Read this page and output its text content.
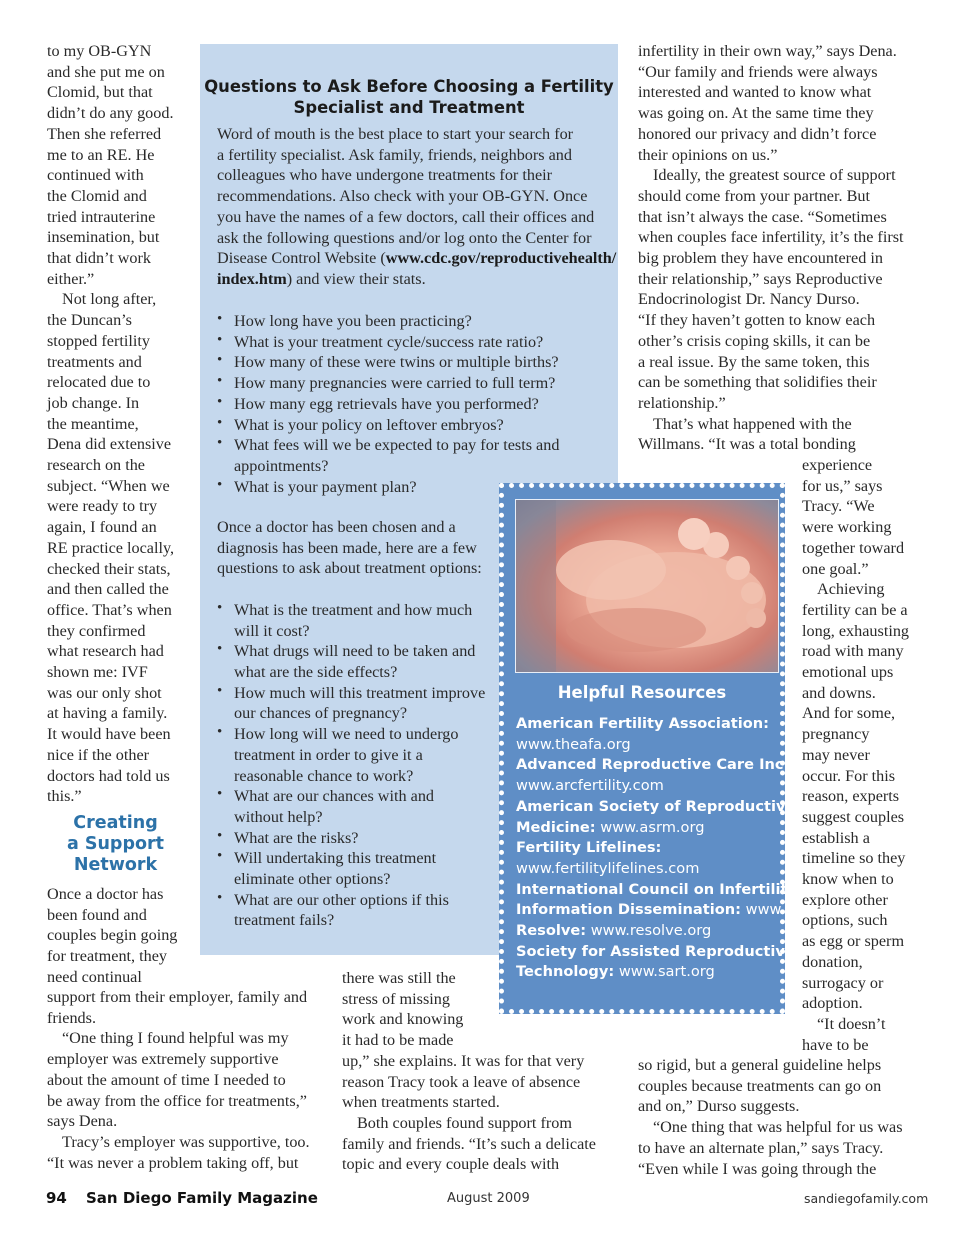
to my OB-GYN
and she put me on
Clomid, but that
didn’t do any good.
Then she referred
me to an RE. He
continued with
the Clomid and
tried intrauterine
insemination, but
that didn’t work
either.”
Not long after,
the Duncan’s
stopped fertility
treatments and
relocated due to
job change. In
the meantime,
Dena did extensive
research on the
subject. “When we
were ready to try
again, I found an
RE practice locally,
checked their stats,
and then called the
office. That’s when
they confirmed
what research had
shown me: IVF
was our only shot
at having a family.
It would have been
nice if the other
doctors had told us
this.”
Once a doctor has
been found and
couples begin going
for treatment, they
need continual
support from their employer, family and
friends.
“One thing I found helpful was my
employer was extremely supportive
about the amount of time I needed to
be away from the office for treatments,”
says Dena.
Tracy’s employer was supportive, too.
“It was never a problem taking off, but
Questions to Ask Before Choosing a Fertility
Specialist and Treatment
Word of mouth is the best place to start your search for
a fertility specialist. Ask family, friends, neighbors and
colleagues who have undergone treatments for their
recommendations. Also check with your OB-GYN. Once
you have the names of a few doctors, call their offices and
ask the following questions and/or log onto the Center for
Disease Control Website (www.cdc.gov/reproductivehealth/
index.htm) and view their stats.
• How long have you been practicing?
• What is your treatment cycle/success rate ratio?
• How many of these were twins or multiple births?
• How many pregnancies were carried to full term?
• How many egg retrievals have you performed?
• What is your policy on leftover embryos?
• What fees will we be expected to pay for tests and
appointments?
• What is your payment plan?
Once a doctor has been chosen and a
diagnosis has been made, here are a few
questions to ask about treatment options:
• What is the treatment and how much
will it cost?
• What drugs will need to be taken and
what are the side effects?
• How much will this treatment improve
our chances of pregnancy?
• How long will we need to undergo
treatment in order to give it a
reasonable chance to work?
• What are our chances with and
without help?
• What are the risks?
• Will undertaking this treatment
eliminate other options?
• What are our other options if this
treatment fails?
there was still the
stress of missing
work and knowing
it had to be made
up,” she explains. It was for that very
reason Tracy took a leave of absence
when treatments started.
Both couples found support from
family and friends. “It’s such a delicate
topic and every couple deals with
infertility in their own way,” says Dena.
“Our family and friends were always
interested and wanted to know what
was going on. At the same time they
honored our privacy and didn’t force
their opinions on us.”
Ideally, the greatest source of support
should come from your partner. But
that isn’t always the case. “Sometimes
when couples face infertility, it’s the first
big problem they have encountered in
their relationship,” says Reproductive
Endocrinologist Dr. Nancy Durso.
“If they haven’t gotten to know each
other’s crisis coping skills, it can be
a real issue. By the same token, this
can be something that solidifies their
relationship.”
That’s what happened with the
Willmans. “It was a total bonding
experience
for us,” says
Tracy. “We
were working
together toward
one goal.”
Achieving
fertility can be a
long, exhausting
road with many
emotional ups
and downs.
And for some,
pregnancy
may never
occur. For this
reason, experts
suggest couples
establish a
timeline so they
know when to
explore other
options, such
as egg or sperm
donation,
surrogacy or
adoption.
“It doesn’t
have to be
so rigid, but a general guideline helps
couples because treatments can go on
and on,” Durso suggests.
“One thing that was helpful for us was
to have an alternate plan,” says Tracy.
“Even while I was going through the
Helpful Resources
American Fertility Association:
www.theafa.org
Advanced Reproductive Care Inc.:
www.arcfertility.com
American Society of Reproductive
Medicine: www.asrm.org
Fertility Lifelines:
www.fertilitylifelines.com
International Council on Infertility
Information Dissemination: www.inciid.org
Resolve: www.resolve.org
Society for Assisted Reproductive
Technology: www.sart.org
Creating
a Support
Network
94 San Diego Family Magazine	August 2009	sandiegofamily.com
